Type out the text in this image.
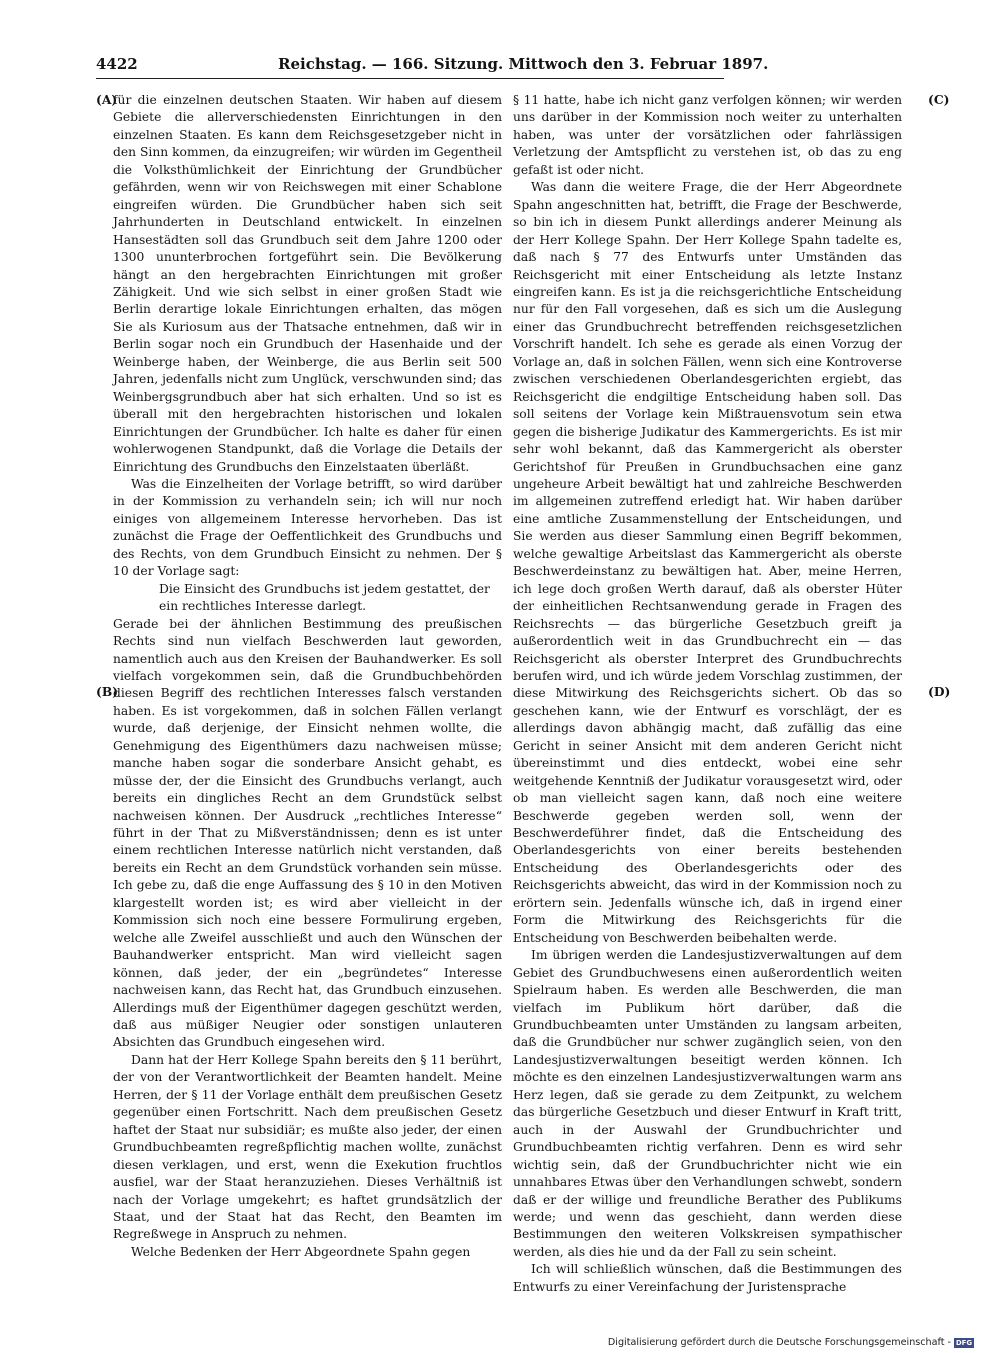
4422	Reichstag. — 166. Sitzung. Mittwoch den 3. Februar 1897.
(A)
(B)
(C)
(D)

für die einzelnen deutschen Staaten. Wir haben auf diesem Gebiete die allerverschiedensten Einrichtungen in den einzelnen Staaten. Es kann dem Reichsgesetzgeber nicht in den Sinn kommen, da einzugreifen; wir würden im Gegentheil die Volksthümlichkeit der Einrichtung der Grundbücher gefährden, wenn wir von Reichswegen mit einer Schablone eingreifen würden. Die Grundbücher haben sich seit Jahrhunderten in Deutschland entwickelt. In einzelnen Hansestädten soll das Grundbuch seit dem Jahre 1200 oder 1300 ununterbrochen fortgeführt sein. Die Bevölkerung hängt an den hergebrachten Einrichtungen mit großer Zähigkeit. Und wie sich selbst in einer großen Stadt wie Berlin derartige lokale Einrichtungen erhalten, das mögen Sie als Kuriosum aus der Thatsache entnehmen, daß wir in Berlin sogar noch ein Grundbuch der Hasenhaide und der Weinberge haben, der Weinberge, die aus Berlin seit 500 Jahren, jedenfalls nicht zum Unglück, verschwunden sind; das Weinbergsgrundbuch aber hat sich erhalten. Und so ist es überall mit den hergebrachten historischen und lokalen Einrichtungen der Grundbücher. Ich halte es daher für einen wohlerwogenen Standpunkt, daß die Vorlage die Details der Einrichtung des Grundbuchs den Einzelstaaten überläßt.

Was die Einzelheiten der Vorlage betrifft, so wird darüber in der Kommission zu verhandeln sein; ich will nur noch einiges von allgemeinem Interesse hervorheben. Das ist zunächst die Frage der Oeffentlichkeit des Grundbuchs und des Rechts, von dem Grundbuch Einsicht zu nehmen. Der § 10 der Vorlage sagt:

Die Einsicht des Grundbuchs ist jedem gestattet, der ein rechtliches Interesse darlegt.

Gerade bei der ähnlichen Bestimmung des preußischen Rechts sind nun vielfach Beschwerden laut geworden, namentlich auch aus den Kreisen der Bauhandwerker. Es soll vielfach vorgekommen sein, daß die Grundbuchbehörden diesen Begriff des rechtlichen Interesses falsch verstanden haben. Es ist vorgekommen, daß in solchen Fällen verlangt wurde, daß derjenige, der Einsicht nehmen wollte, die Genehmigung des Eigenthümers dazu nachweisen müsse; manche haben sogar die sonderbare Ansicht gehabt, es müsse der, der die Einsicht des Grundbuchs verlangt, auch bereits ein dingliches Recht an dem Grundstück selbst nachweisen können. Der Ausdruck „rechtliches Interesse“ führt in der That zu Mißverständnissen; denn es ist unter einem rechtlichen Interesse natürlich nicht verstanden, daß bereits ein Recht an dem Grundstück vorhanden sein müsse. Ich gebe zu, daß die enge Auffassung des § 10 in den Motiven klargestellt worden ist; es wird aber vielleicht in der Kommission sich noch eine bessere Formulirung ergeben, welche alle Zweifel ausschließt und auch den Wünschen der Bauhandwerker entspricht. Man wird vielleicht sagen können, daß jeder, der ein „begründetes“ Interesse nachweisen kann, das Recht hat, das Grundbuch einzusehen. Allerdings muß der Eigenthümer dagegen geschützt werden, daß aus müßiger Neugier oder sonstigen unlauteren Absichten das Grundbuch eingesehen wird.

Dann hat der Herr Kollege Spahn bereits den § 11 berührt, der von der Verantwortlichkeit der Beamten handelt. Meine Herren, der § 11 der Vorlage enthält dem preußischen Gesetz gegenüber einen Fortschritt. Nach dem preußischen Gesetz haftet der Staat nur subsidiär; es mußte also jeder, der einen Grundbuchbeamten regreßpflichtig machen wollte, zunächst diesen verklagen, und erst, wenn die Exekution fruchtlos ausfiel, war der Staat heranzuziehen. Dieses Verhältniß ist nach der Vorlage umgekehrt; es haftet grundsätzlich der Staat, und der Staat hat das Recht, den Beamten im Regreßwege in Anspruch zu nehmen.

Welche Bedenken der Herr Abgeordnete Spahn gegen

§ 11 hatte, habe ich nicht ganz verfolgen können; wir werden uns darüber in der Kommission noch weiter zu unterhalten haben, was unter der vorsätzlichen oder fahrlässigen Verletzung der Amtspflicht zu verstehen ist, ob das zu eng gefaßt ist oder nicht.

Was dann die weitere Frage, die der Herr Abgeordnete Spahn angeschnitten hat, betrifft, die Frage der Beschwerde, so bin ich in diesem Punkt allerdings anderer Meinung als der Herr Kollege Spahn. Der Herr Kollege Spahn tadelte es, daß nach § 77 des Entwurfs unter Umständen das Reichsgericht mit einer Entscheidung als letzte Instanz eingreifen kann. Es ist ja die reichsgerichtliche Entscheidung nur für den Fall vorgesehen, daß es sich um die Auslegung einer das Grundbuchrecht betreffenden reichsgesetzlichen Vorschrift handelt. Ich sehe es gerade als einen Vorzug der Vorlage an, daß in solchen Fällen, wenn sich eine Kontroverse zwischen verschiedenen Oberlandesgerichten ergiebt, das Reichsgericht die endgiltige Entscheidung haben soll. Das soll seitens der Vorlage kein Mißtrauensvotum sein etwa gegen die bisherige Judikatur des Kammergerichts. Es ist mir sehr wohl bekannt, daß das Kammergericht als oberster Gerichtshof für Preußen in Grundbuchsachen eine ganz ungeheure Arbeit bewältigt hat und zahlreiche Beschwerden im allgemeinen zutreffend erledigt hat. Wir haben darüber eine amtliche Zusammenstellung der Entscheidungen, und Sie werden aus dieser Sammlung einen Begriff bekommen, welche gewaltige Arbeitslast das Kammergericht als oberste Beschwerdeinstanz zu bewältigen hat. Aber, meine Herren, ich lege doch großen Werth darauf, daß als oberster Hüter der einheitlichen Rechtsanwendung gerade in Fragen des Reichsrechts — das bürgerliche Gesetzbuch greift ja außerordentlich weit in das Grundbuchrecht ein — das Reichsgericht als oberster Interpret des Grundbuchrechts berufen wird, und ich würde jedem Vorschlag zustimmen, der diese Mitwirkung des Reichsgerichts sichert. Ob das so geschehen kann, wie der Entwurf es vorschlägt, der es allerdings davon abhängig macht, daß zufällig das eine Gericht in seiner Ansicht mit dem anderen Gericht nicht übereinstimmt und dies entdeckt, wobei eine sehr weitgehende Kenntniß der Judikatur vorausgesetzt wird, oder ob man vielleicht sagen kann, daß noch eine weitere Beschwerde gegeben werden soll, wenn der Beschwerdeführer findet, daß die Entscheidung des Oberlandesgerichts von einer bereits bestehenden Entscheidung des Oberlandesgerichts oder des Reichsgerichts abweicht, das wird in der Kommission noch zu erörtern sein. Jedenfalls wünsche ich, daß in irgend einer Form die Mitwirkung des Reichsgerichts für die Entscheidung von Beschwerden beibehalten werde.

Im übrigen werden die Landesjustizverwaltungen auf dem Gebiet des Grundbuchwesens einen außerordentlich weiten Spielraum haben. Es werden alle Beschwerden, die man vielfach im Publikum hört darüber, daß die Grundbuchbeamten unter Umständen zu langsam arbeiten, daß die Grundbücher nur schwer zugänglich seien, von den Landesjustizverwaltungen beseitigt werden können. Ich möchte es den einzelnen Landesjustizverwaltungen warm ans Herz legen, daß sie gerade zu dem Zeitpunkt, zu welchem das bürgerliche Gesetzbuch und dieser Entwurf in Kraft tritt, auch in der Auswahl der Grundbuchrichter und Grundbuchbeamten richtig verfahren. Denn es wird sehr wichtig sein, daß der Grundbuchrichter nicht wie ein unnahbares Etwas über den Verhandlungen schwebt, sondern daß er der willige und freundliche Berather des Publikums werde; und wenn das geschieht, dann werden diese Bestimmungen den weiteren Volkskreisen sympathischer werden, als dies hie und da der Fall zu sein scheint.

Ich will schließlich wünschen, daß die Bestimmungen des Entwurfs zu einer Vereinfachung der Juristensprache

Digitalisierung gefördert durch die Deutsche Forschungsgemeinschaft - DFG
